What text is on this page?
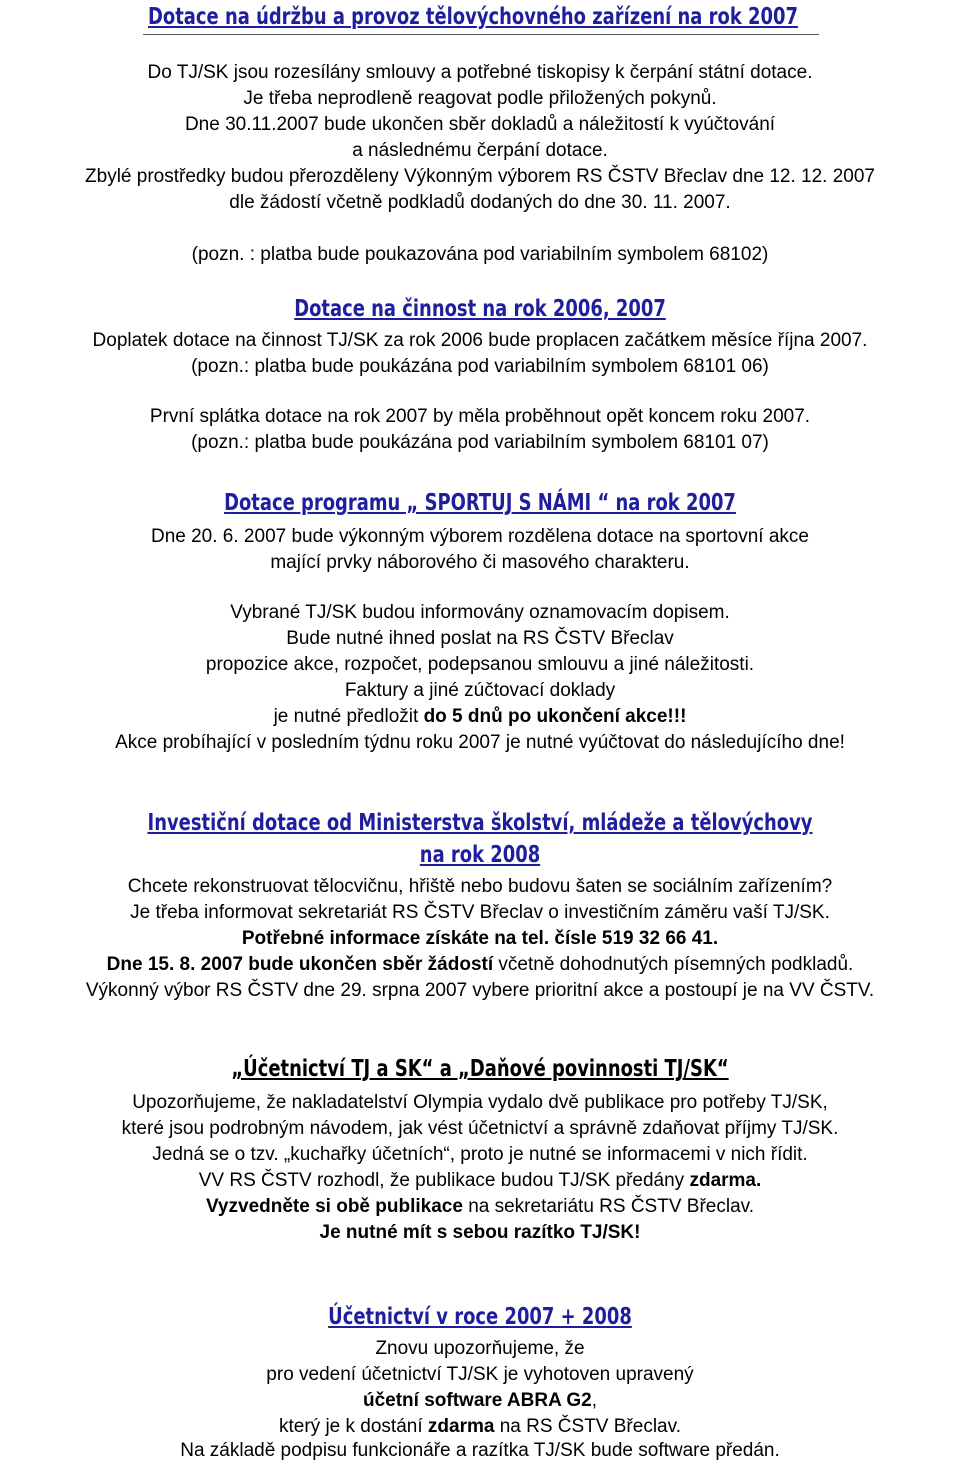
Dotace na údržbu a provoz tělovýchovného zařízení na rok 2007
Do TJ/SK jsou rozesílány smlouvy a potřebné tiskopisy k čerpání státní dotace.
Je třeba neprodleně reagovat podle přiložených pokynů.
Dne 30.11.2007 bude ukončen sběr dokladů a náležitostí k vyúčtování
a následnému čerpání dotace.
Zbylé prostředky budou přerozděleny Výkonným výborem RS ČSTV Břeclav dne 12. 12. 2007
dle žádostí včetně podkladů dodaných do dne 30. 11. 2007.
(pozn. : platba bude poukazována pod variabilním symbolem 68102)
Dotace na činnost na rok 2006, 2007
Doplatek dotace na činnost TJ/SK za rok 2006 bude proplacen začátkem měsíce října 2007.
(pozn.: platba bude poukázána pod variabilním symbolem 68101 06)
První splátka dotace na rok 2007 by měla proběhnout opět koncem roku 2007.
(pozn.: platba bude poukázána pod variabilním symbolem 68101 07)
Dotace programu „ SPORTUJ S NÁMI “ na rok 2007
Dne 20. 6. 2007 bude výkonným výborem rozdělena dotace na sportovní akce
mající prvky náborového či masového charakteru.
Vybrané TJ/SK budou informovány oznamovacím dopisem.
Bude nutné ihned poslat na RS ČSTV Břeclav
propozice akce, rozpočet, podepsanou smlouvu a jiné náležitosti.
Faktury a jiné zúčtovací doklady
je nutné předložit do 5 dnů po ukončení akce!!!
Akce probíhající v posledním týdnu roku 2007 je nutné vyúčtovat do následujícího dne!
Investiční dotace od Ministerstva školství, mládeže a tělovýchovy
na rok 2008
Chcete rekonstruovat tělocvičnu, hřiště nebo budovu šaten se sociálním zařízením?
Je třeba informovat sekretariát RS ČSTV Břeclav o investičním záměru vaší TJ/SK.
Potřebné informace získáte na tel. čísle 519 32 66 41.
Dne 15. 8. 2007 bude ukončen sběr žádostí včetně dohodnutých písemných podkladů.
Výkonný výbor RS ČSTV dne 29. srpna 2007 vybere prioritní akce a postoupí je na VV ČSTV.
„Účetnictví TJ a SK“ a „Daňové povinnosti TJ/SK“
Upozorňujeme, že nakladatelství Olympia vydalo dvě publikace pro potřeby TJ/SK,
které jsou podrobným návodem, jak vést účetnictví a správně zdaňovat příjmy TJ/SK.
Jedná se o tzv. „kuchařky účetních“, proto je nutné se informacemi v nich řídit.
VV RS ČSTV rozhodl, že publikace budou TJ/SK předány zdarma.
Vyzvedněte si obě publikace na sekretariátu RS ČSTV Břeclav.
Je nutné mít s sebou razítko TJ/SK!
Účetnictví v roce 2007 + 2008
Znovu upozorňujeme, že
pro vedení účetnictví TJ/SK je vyhotoven upravený
účetní software ABRA G2,
který je k dostání zdarma na RS ČSTV Břeclav.
Na základě podpisu funkcionáře a razítka TJ/SK bude software předán.
